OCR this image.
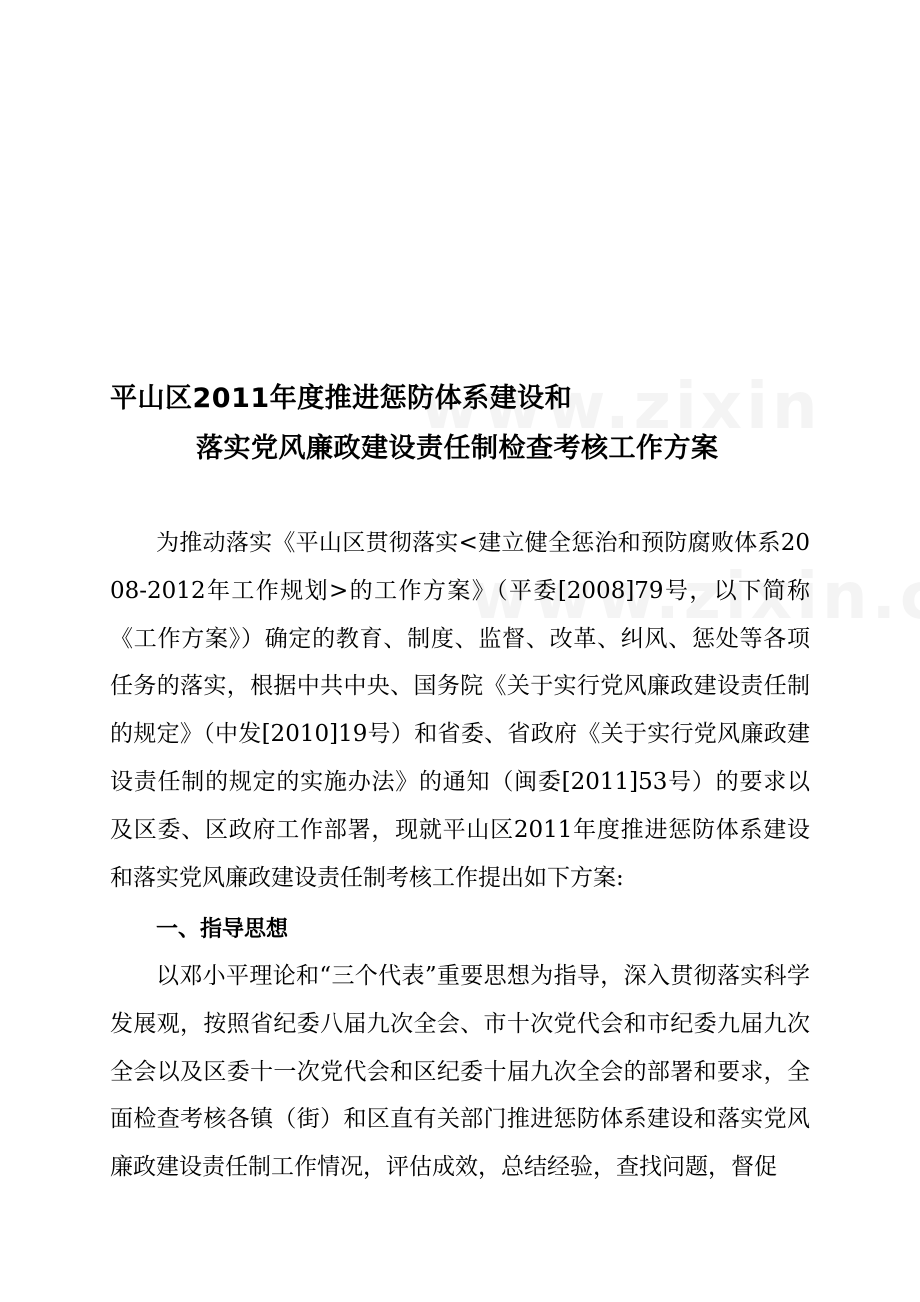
平山区2011年度推进惩防体系建设和
落实党风廉政建设责任制检查考核工作方案

为推动落实《平山区贯彻落实<建立健全惩治和预防腐败体系2008-2012年工作规划>的工作方案》（平委[2008]79号，以下简称《工作方案》）确定的教育、制度、监督、改革、纠风、惩处等各项任务的落实，根据中共中央、国务院《关于实行党风廉政建设责任制的规定》（中发[2010]19号）和省委、省政府《关于实行党风廉政建设责任制的规定的实施办法》的通知（闽委[2011]53号）的要求以及区委、区政府工作部署，现就平山区2011年度推进惩防体系建设和落实党风廉政建设责任制考核工作提出如下方案:

一、指导思想

以邓小平理论和“三个代表”重要思想为指导，深入贯彻落实科学发展观，按照省纪委八届九次全会、市十次党代会和市纪委九届九次全会以及区委十一次党代会和区纪委十届九次全会的部署和要求，全面检查考核各镇（街）和区直有关部门推进惩防体系建设和落实党风廉政建设责任制工作情况，评估成效，总结经验，查找问题，督促
